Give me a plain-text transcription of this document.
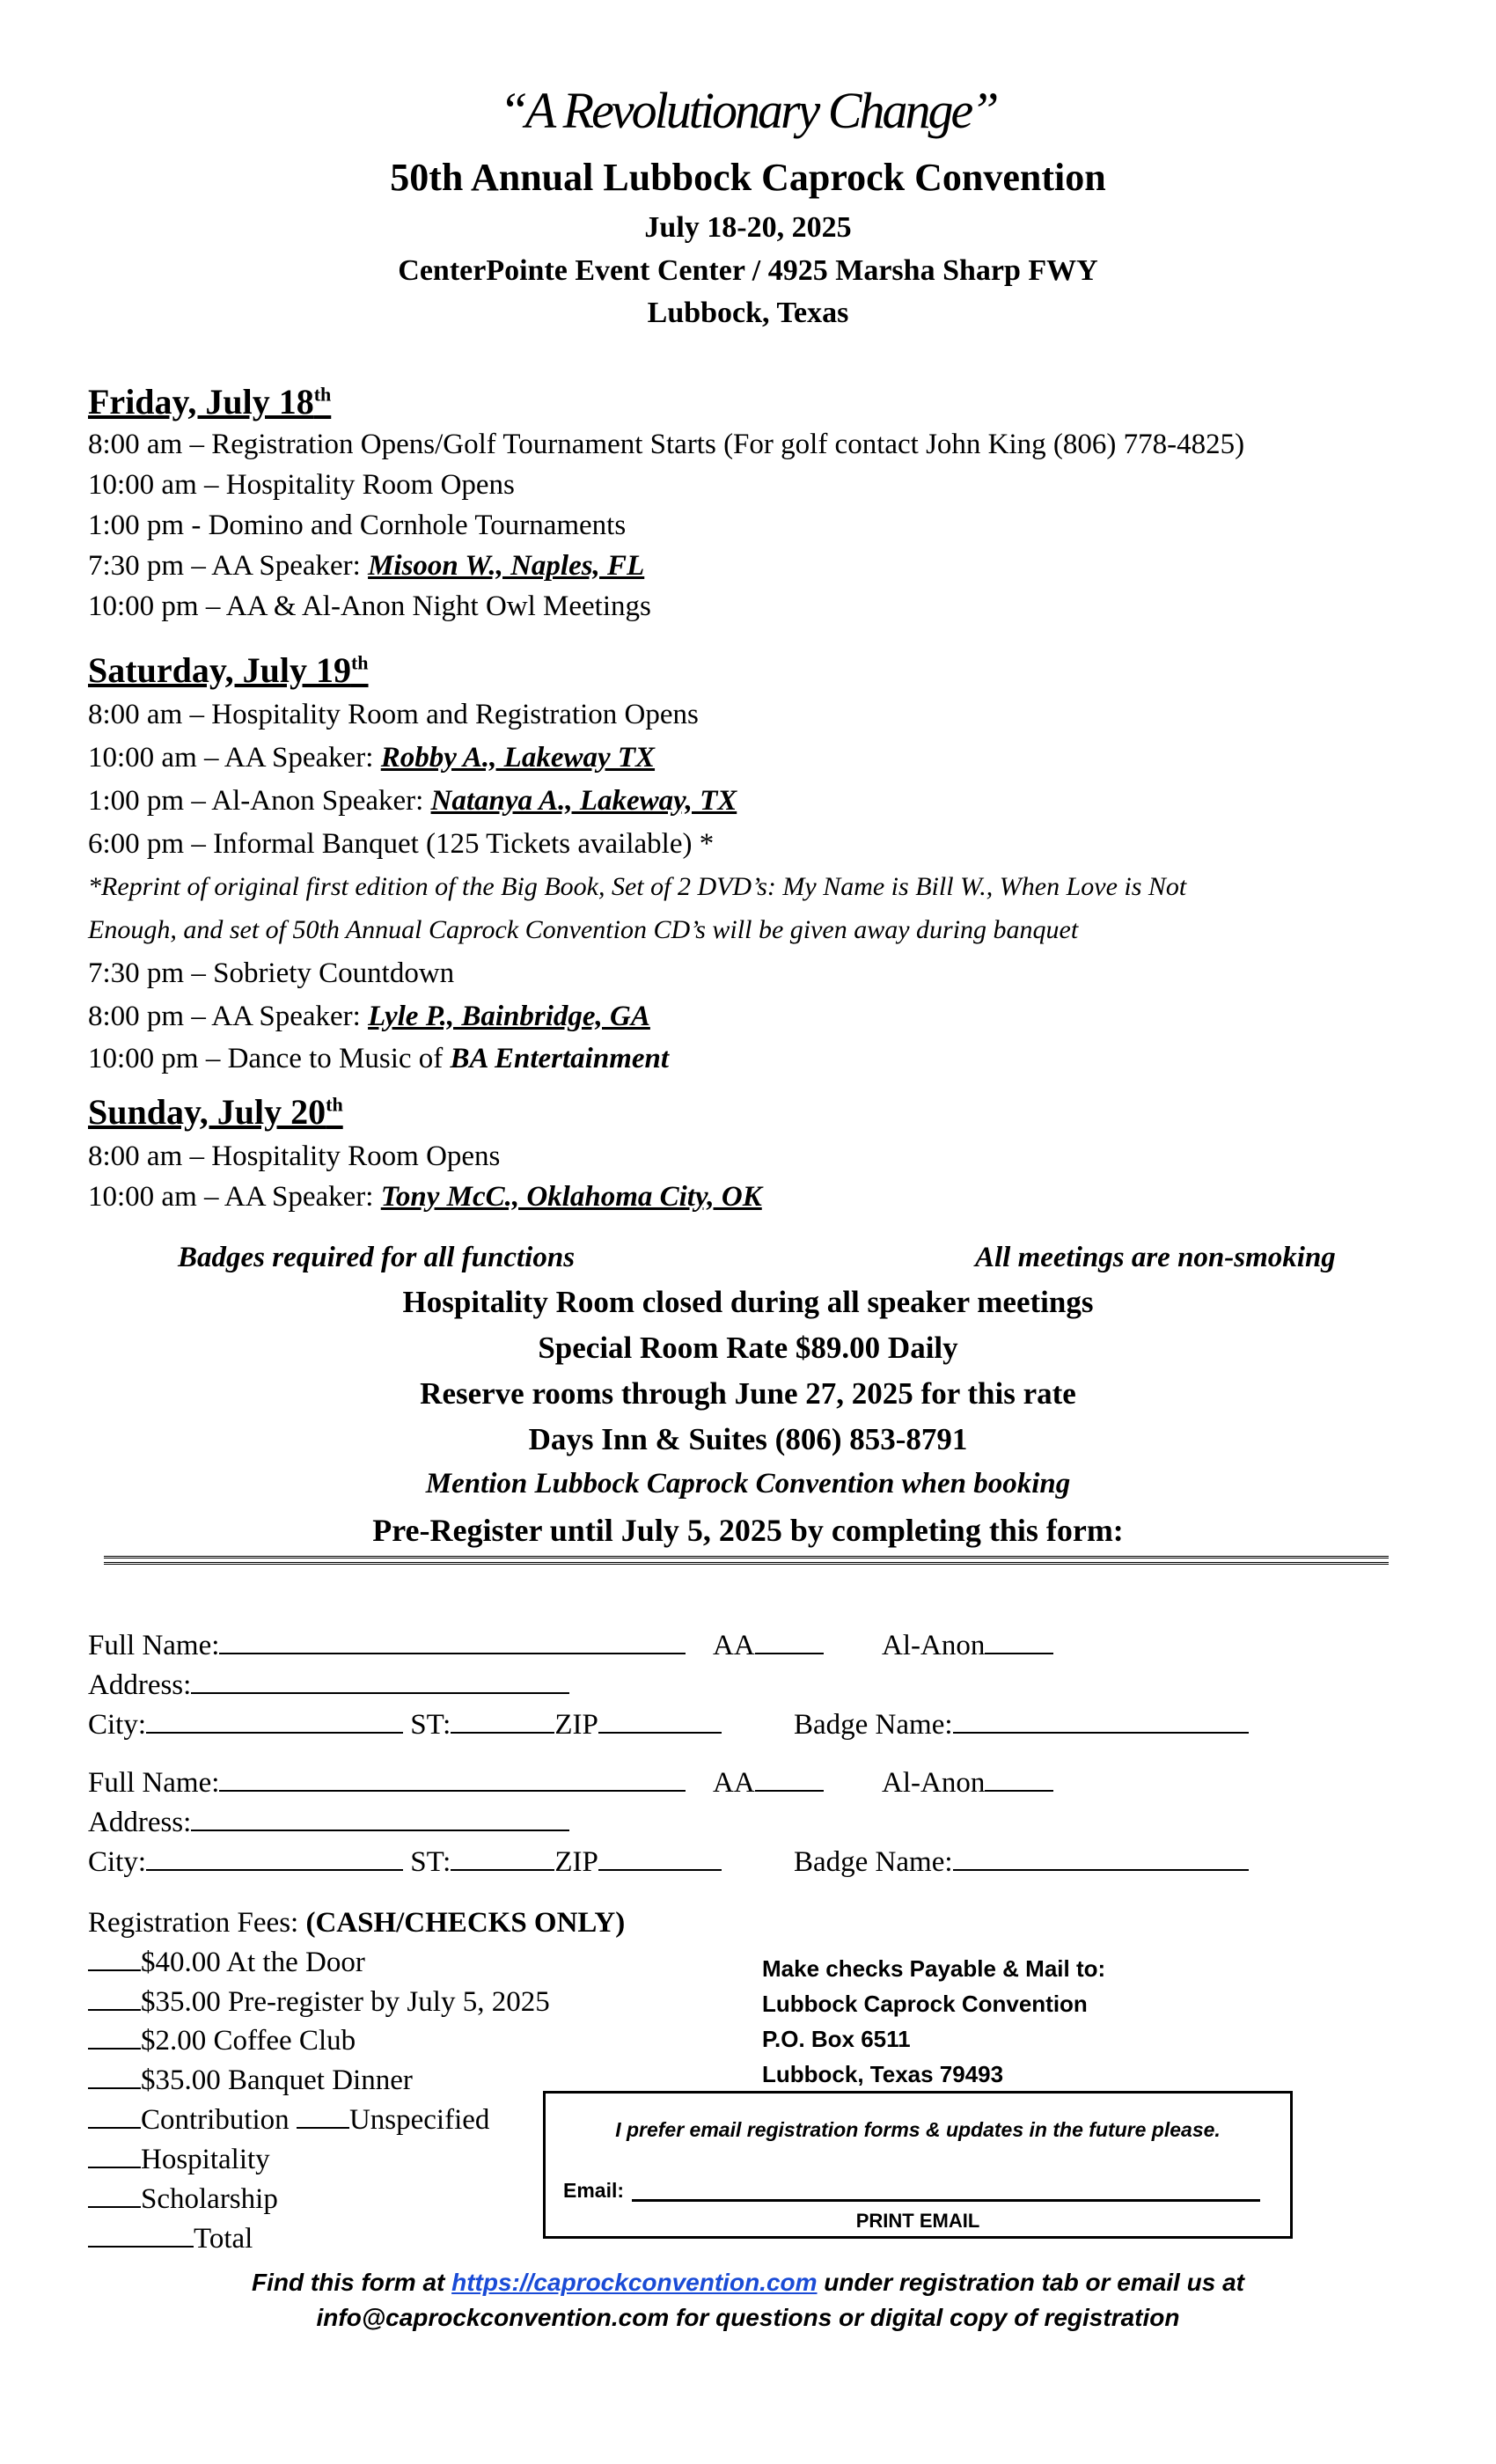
“A Revolutionary Change”
50th Annual Lubbock Caprock Convention
July 18-20, 2025
CenterPointe Event Center / 4925 Marsha Sharp FWY
Lubbock, Texas
Friday, July 18th
8:00 am – Registration Opens/Golf Tournament Starts (For golf contact John King (806) 778-4825)
10:00 am – Hospitality Room Opens
1:00 pm - Domino and Cornhole Tournaments
7:30 pm – AA Speaker: Misoon W., Naples, FL
10:00 pm – AA & Al-Anon Night Owl Meetings
Saturday, July 19th
8:00 am – Hospitality Room and Registration Opens
10:00 am – AA Speaker: Robby A., Lakeway TX
1:00 pm – Al-Anon Speaker: Natanya A., Lakeway, TX
6:00 pm – Informal Banquet (125 Tickets available) *
*Reprint of original first edition of the Big Book, Set of 2 DVD’s: My Name is Bill W., When Love is Not
Enough, and set of 50th Annual Caprock Convention CD’s will be given away during banquet
7:30 pm – Sobriety Countdown
8:00 pm – AA Speaker: Lyle P., Bainbridge, GA
10:00 pm – Dance to Music of BA Entertainment
Sunday, July 20th
8:00 am – Hospitality Room Opens
10:00 am – AA Speaker: Tony McC., Oklahoma City, OK
Badges required for all functions	All meetings are non-smoking
Hospitality Room closed during all speaker meetings
Special Room Rate $89.00 Daily
Reserve rooms through June 27, 2025 for this rate
Days Inn & Suites (806) 853-8791
Mention Lubbock Caprock Convention when booking
Pre-Register until July 5, 2025 by completing this form:
Full Name:	AA	Al-Anon
Address:
City:	ST:	ZIP	Badge Name:
Full Name:	AA	Al-Anon
Address:
City:	ST:	ZIP	Badge Name:
Registration Fees: (CASH/CHECKS ONLY)
$40.00 At the Door
$35.00 Pre-register by July 5, 2025
$2.00 Coffee Club
$35.00 Banquet Dinner
Contribution Unspecified
Hospitality
Scholarship
Total
Make checks Payable & Mail to:
Lubbock Caprock Convention
P.O. Box 6511
Lubbock, Texas 79493
I prefer email registration forms & updates in the future please.
Email:
PRINT EMAIL
Find this form at https://caprockconvention.com under registration tab or email us at
info@caprockconvention.com for questions or digital copy of registration
